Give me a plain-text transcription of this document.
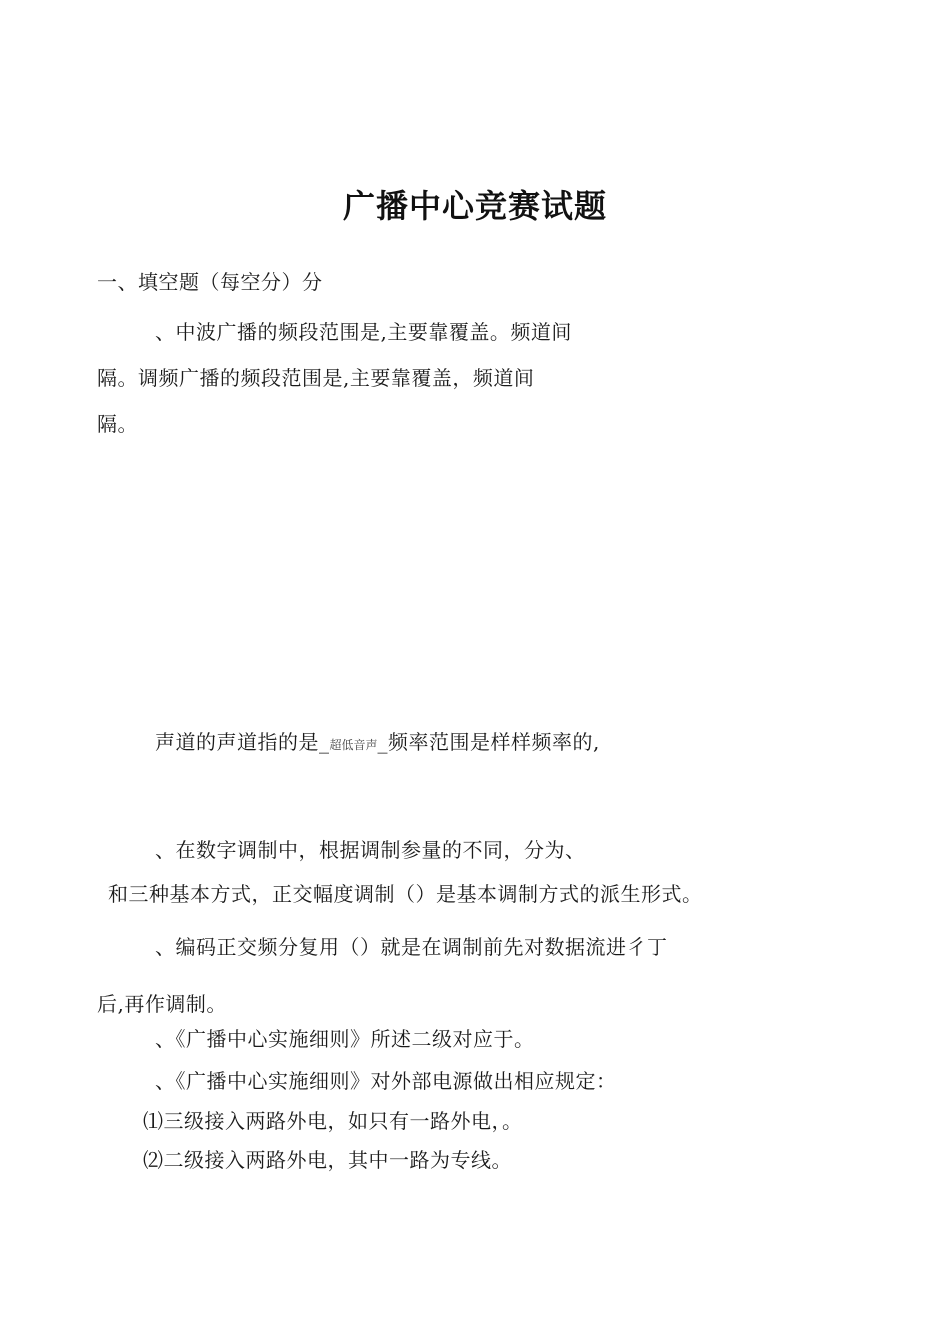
广播中心竞赛试题
一、填空题（每空分）分
、中波广播的频段范围是,主要靠覆盖。频道间
隔。调频广播的频段范围是,主要靠覆盖，频道间
隔。
声道的声道指的是_超低音声_频率范围是样样频率的,
、在数字调制中，根据调制参量的不同，分为、
和三种基本方式，正交幅度调制（）是基本调制方式的派生形式。
、编码正交频分复用（）就是在调制前先对数据流进彳丁
后,再作调制。
、《广播中心实施细则》所述二级对应于。
、《广播中心实施细则》对外部电源做出相应规定：
⑴三级接入两路外电，如只有一路外电，。
⑵二级接入两路外电，其中一路为专线。
